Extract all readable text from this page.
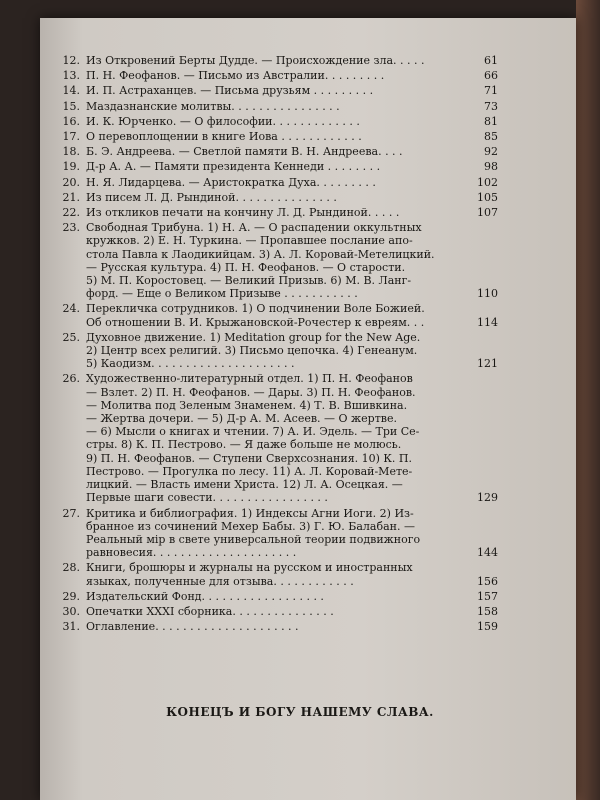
12. Из Откровений Берты Дудде. — Происхождение зла. . . . .	61
13. П. Н. Феофанов. — Письмо из Австралии. . . . . . . . .	66
14. И. П. Астраханцев. — Письма друзьям . . . . . . . . .	71
15. Маздазнанские молитвы. . . . . . . . . . . . . . . .	73
16. И. К. Юрченко. — О философии. . . . . . . . . . . . .	81
17. О перевоплощении в книге Иова . . . . . . . . . . . .	85
18. Б. Э. Андреева. — Светлой памяти В. Н. Андреева. . . .	92
19. Д-р А. А. — Памяти президента Кеннеди . . . . . . . .	98
20. Н. Я. Лидарцева. — Аристократка Духа. . . . . . . . .	102
21. Из писем Л. Д. Рындиной. . . . . . . . . . . . . . .	105
22. Из откликов печати на кончину Л. Д. Рындиной. . . . .	107
23. Свободная Трибуна. 1) Н. А. — О распадении оккультных
кружков. 2) Е. Н. Туркина. — Пропавшее послание апо-
стола Павла к Лаодикийцам. 3) А. Л. Коровай-Метелицкий.
— Русская культура. 4) П. Н. Феофанов. — О старости.
5) М. П. Коростовец. — Великий Призыв. 6) М. В. Ланг-
форд. — Еще о Великом Призыве . . . . . . . . . . .	110
24. Перекличка сотрудников. 1) О подчинении Воле Божией.
Об отношении В. И. Крыжановской-Рочестер к евреям. . .	114
25. Духовное движение. 1) Meditation group for the New Age.
2) Центр всех религий. 3) Письмо цепочка. 4) Генеанум.
5) Каодизм. . . . . . . . . . . . . . . . . . . . .	121
26. Художественно-литературный отдел. 1) П. Н. Феофанов
— Взлет. 2) П. Н. Феофанов. — Дары. 3) П. Н. Феофанов.
— Молитва под Зеленым Знаменем. 4) Т. В. Вшивкина.
— Жертва дочери. — 5) Д-р А. М. Асеев. — О жертве.
— 6) Мысли о книгах и чтении. 7) А. И. Эдель. — Три Се-
стры. 8) К. П. Пестрово. — Я даже больше не молюсь.
9) П. Н. Феофанов. — Ступени Сверхсознания. 10) К. П.
Пестрово. — Прогулка по лесу. 11) А. Л. Коровай-Мете-
лицкий. — Власть имени Христа. 12) Л. А. Осецкая. —
Первые шаги совести. . . . . . . . . . . . . . . . .	129
27. Критика и библиография. 1) Индексы Агни Иоги. 2) Из-
бранное из сочинений Мехер Бабы. 3) Г. Ю. Балабан. —
Реальный мiр в свете универсальной теории подвижного
равновесия. . . . . . . . . . . . . . . . . . . . .	144
28. Книги, брошюры и журналы на русском и иностранных
языках, полученные для отзыва. . . . . . . . . . . .	156
29. Издательский Фонд. . . . . . . . . . . . . . . . . .	157
30. Опечатки XXXI сборника. . . . . . . . . . . . . . .	158
31. Оглавление. . . . . . . . . . . . . . . . . . . . .	159
КОНЕЦЪ И БОГУ НАШЕМУ СЛАВА.
